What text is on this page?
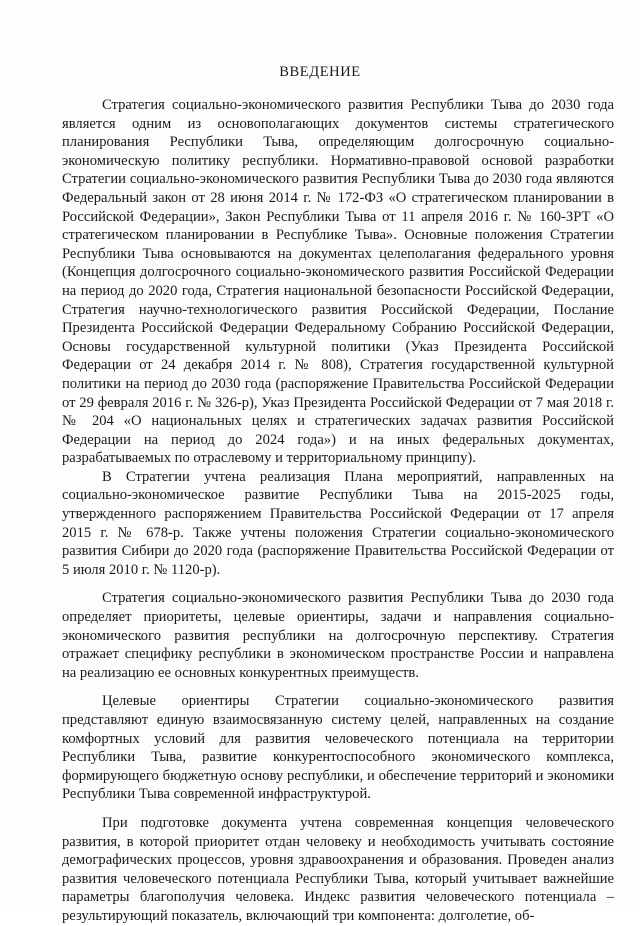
ВВЕДЕНИЕ

Стратегия социально-экономического развития Республики Тыва до 2030 года является одним из основополагающих документов системы стратегического планирования Республики Тыва, определяющим долгосрочную социально-экономическую политику республики. Нормативно-правовой основой разработки Стратегии социально-экономического развития Республики Тыва до 2030 года являются Федеральный закон от 28 июня 2014 г. № 172-ФЗ «О стратегическом планировании в Российской Федерации», Закон Республики Тыва от 11 апреля 2016 г. № 160-ЗРТ «О стратегическом планировании в Республике Тыва». Основные положения Стратегии Республики Тыва основываются на документах целеполагания федерального уровня (Концепция долгосрочного социально-экономического развития Российской Федерации на период до 2020 года, Стратегия национальной безопасности Российской Федерации, Стратегия научно-технологического развития Российской Федерации, Послание Президента Российской Федерации Федеральному Собранию Российской Федерации, Основы государственной культурной политики (Указ Президента Российской Федерации от 24 декабря 2014 г. № 808), Стратегия государственной культурной политики на период до 2030 года (распоряжение Правительства Российской Федерации от 29 февраля 2016 г. № 326-р), Указ Президента Российской Федерации от 7 мая 2018 г. № 204 «О национальных целях и стратегических задачах развития Российской Федерации на период до 2024 года») и на иных федеральных документах, разрабатываемых по отраслевому и территориальному принципу).

В Стратегии учтена реализация Плана мероприятий, направленных на социально-экономическое развитие Республики Тыва на 2015-2025 годы, утвержденного распоряжением Правительства Российской Федерации от 17 апреля 2015 г. № 678-р. Также учтены положения Стратегии социально-экономического развития Сибири до 2020 года (распоряжение Правительства Российской Федерации от 5 июля 2010 г. № 1120-р).

Стратегия социально-экономического развития Республики Тыва до 2030 года определяет приоритеты, целевые ориентиры, задачи и направления социально-экономического развития республики на долгосрочную перспективу. Стратегия отражает специфику республики в экономическом пространстве России и направлена на реализацию ее основных конкурентных преимуществ.

Целевые ориентиры Стратегии социально-экономического развития представляют единую взаимосвязанную систему целей, направленных на создание комфортных условий для развития человеческого потенциала на территории Республики Тыва, развитие конкурентоспособного экономического комплекса, формирующего бюджетную основу республики, и обеспечение территорий и экономики Республики Тыва современной инфраструктурой.

При подготовке документа учтена современная концепция человеческого развития, в которой приоритет отдан человеку и необходимость учитывать состояние демографических процессов, уровня здравоохранения и образования. Проведен анализ развития человеческого потенциала Республики Тыва, который учитывает важнейшие параметры благополучия человека. Индекс развития человеческого потенциала – результирующий показатель, включающий три компонента: долголетие, об-
